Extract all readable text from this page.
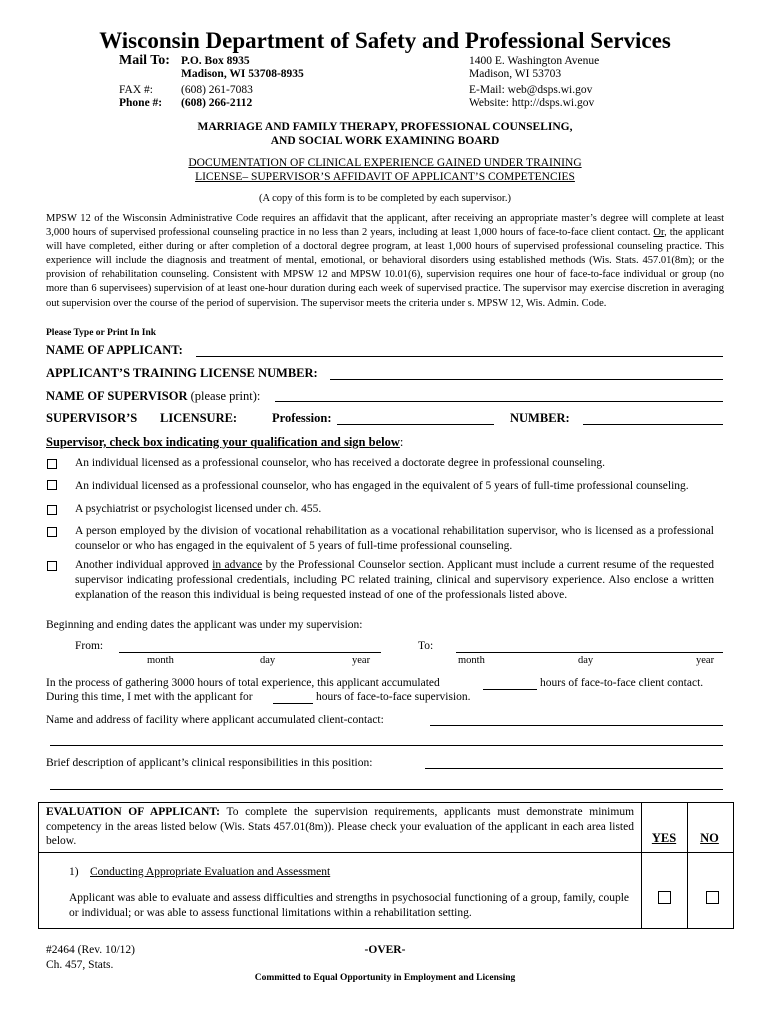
Wisconsin Department of Safety and Professional Services
Mail To: P.O. Box 8935
Madison, WI 53708-8935
1400 E. Washington Avenue
Madison, WI 53703
FAX #: (608) 261-7083
Phone #: (608) 266-2112
E-Mail: web@dsps.wi.gov
Website: http://dsps.wi.gov
MARRIAGE AND FAMILY THERAPY, PROFESSIONAL COUNSELING,
AND SOCIAL WORK EXAMINING BOARD
DOCUMENTATION OF CLINICAL EXPERIENCE GAINED UNDER TRAINING
LICENSE– SUPERVISOR’S AFFIDAVIT OF APPLICANT’S COMPETENCIES
(A copy of this form is to be completed by each supervisor.)
MPSW 12 of the Wisconsin Administrative Code requires an affidavit that the applicant, after receiving an appropriate master’s degree will complete at least 3,000 hours of supervised professional counseling practice in no less than 2 years, including at least 1,000 hours of face-to-face client contact. Or, the applicant will have completed, either during or after completion of a doctoral degree program, at least 1,000 hours of supervised professional counseling practice. This experience will include the diagnosis and treatment of mental, emotional, or behavioral disorders using established methods (Wis. Stats. 457.01(8m); or the provision of rehabilitation counseling. Consistent with MPSW 12 and MPSW 10.01(6), supervision requires one hour of face-to-face individual or group (no more than 6 supervisees) supervision of at least one-hour duration during each week of supervised practice. The supervisor may exercise discretion in averaging out supervision over the course of the period of supervision. The supervisor meets the criteria under s. MPSW 12, Wis. Admin. Code.
Please Type or Print In Ink
NAME OF APPLICANT:
APPLICANT’S TRAINING LICENSE NUMBER:
NAME OF SUPERVISOR (please print):
SUPERVISOR’S LICENSURE:	Profession:	NUMBER:
Supervisor, check box indicating your qualification and sign below:
An individual licensed as a professional counselor, who has received a doctorate degree in professional counseling.
An individual licensed as a professional counselor, who has engaged in the equivalent of 5 years of full-time professional counseling.
A psychiatrist or psychologist licensed under ch. 455.
A person employed by the division of vocational rehabilitation as a vocational rehabilitation supervisor, who is licensed as a professional counselor or who has engaged in the equivalent of 5 years of full-time professional counseling.
Another individual approved in advance by the Professional Counselor section. Applicant must include a current resume of the requested supervisor indicating professional credentials, including PC related training, clinical and supervisory experience. Also enclose a written explanation of the reason this individual is being requested instead of one of the professionals listed above.
Beginning and ending dates the applicant was under my supervision:
From:	To:
month	day	year	month	day	year
In the process of gathering 3000 hours of total experience, this applicant accumulated	hours of face-to-face client contact.
During this time, I met with the applicant for	hours of face-to-face supervision.
Name and address of facility where applicant accumulated client-contact:
Brief description of applicant’s clinical responsibilities in this position:
EVALUATION OF APPLICANT: To complete the supervision requirements, applicants must demonstrate minimum competency in the areas listed below (Wis. Stats 457.01(8m)). Please check your evaluation of the applicant in each area listed below.	YES	NO
1) Conducting Appropriate Evaluation and Assessment
Applicant was able to evaluate and assess difficulties and strengths in psychosocial functioning of a group, family, couple or individual; or was able to assess functional limitations within a rehabilitation setting.
#2464 (Rev. 10/12)
Ch. 457, Stats.
-OVER-
Committed to Equal Opportunity in Employment and Licensing
